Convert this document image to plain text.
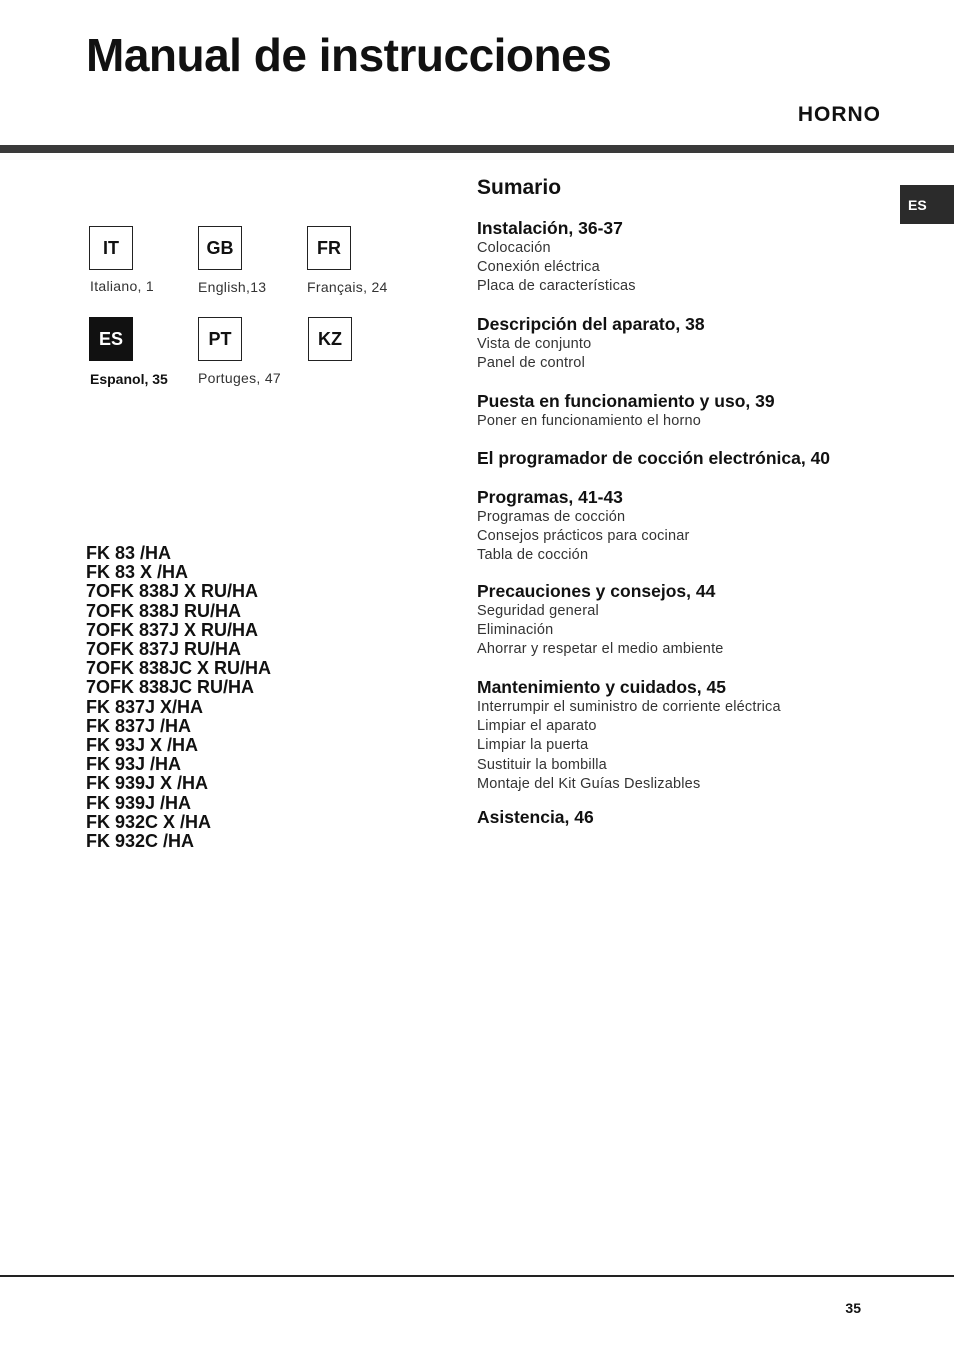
Manual de instrucciones
HORNO
ES
IT
Italiano, 1
GB
English,13
FR
Français, 24
ES
Espanol, 35
PT
Portuges, 47
KZ
FK 83 /HA
FK 83 X /HA
7OFK 838J X RU/HA
7OFK 838J RU/HA
7OFK 837J X RU/HA
7OFK 837J RU/HA
7OFK 838JC X RU/HA
7OFK 838JC RU/HA
FK 837J X/HA
FK 837J /HA
FK 93J X /HA
FK 93J /HA
FK 939J X /HA
FK 939J /HA
FK 932C X /HA
FK 932C /HA
Sumario
Instalación, 36-37
Colocación
Conexión eléctrica
Placa de características
Descripción del aparato, 38
Vista de conjunto
Panel de control
Puesta en funcionamiento y uso, 39
Poner en funcionamiento el horno
El programador de cocción electrónica, 40
Programas, 41-43
Programas de cocción
Consejos prácticos para cocinar
Tabla de cocción
Precauciones y consejos, 44
Seguridad general
Eliminación
Ahorrar y respetar el medio ambiente
Mantenimiento y cuidados, 45
Interrumpir el suministro de corriente eléctrica
Limpiar el aparato
Limpiar la puerta
Sustituir la bombilla
Montaje del Kit Guías Deslizables
Asistencia, 46
35
